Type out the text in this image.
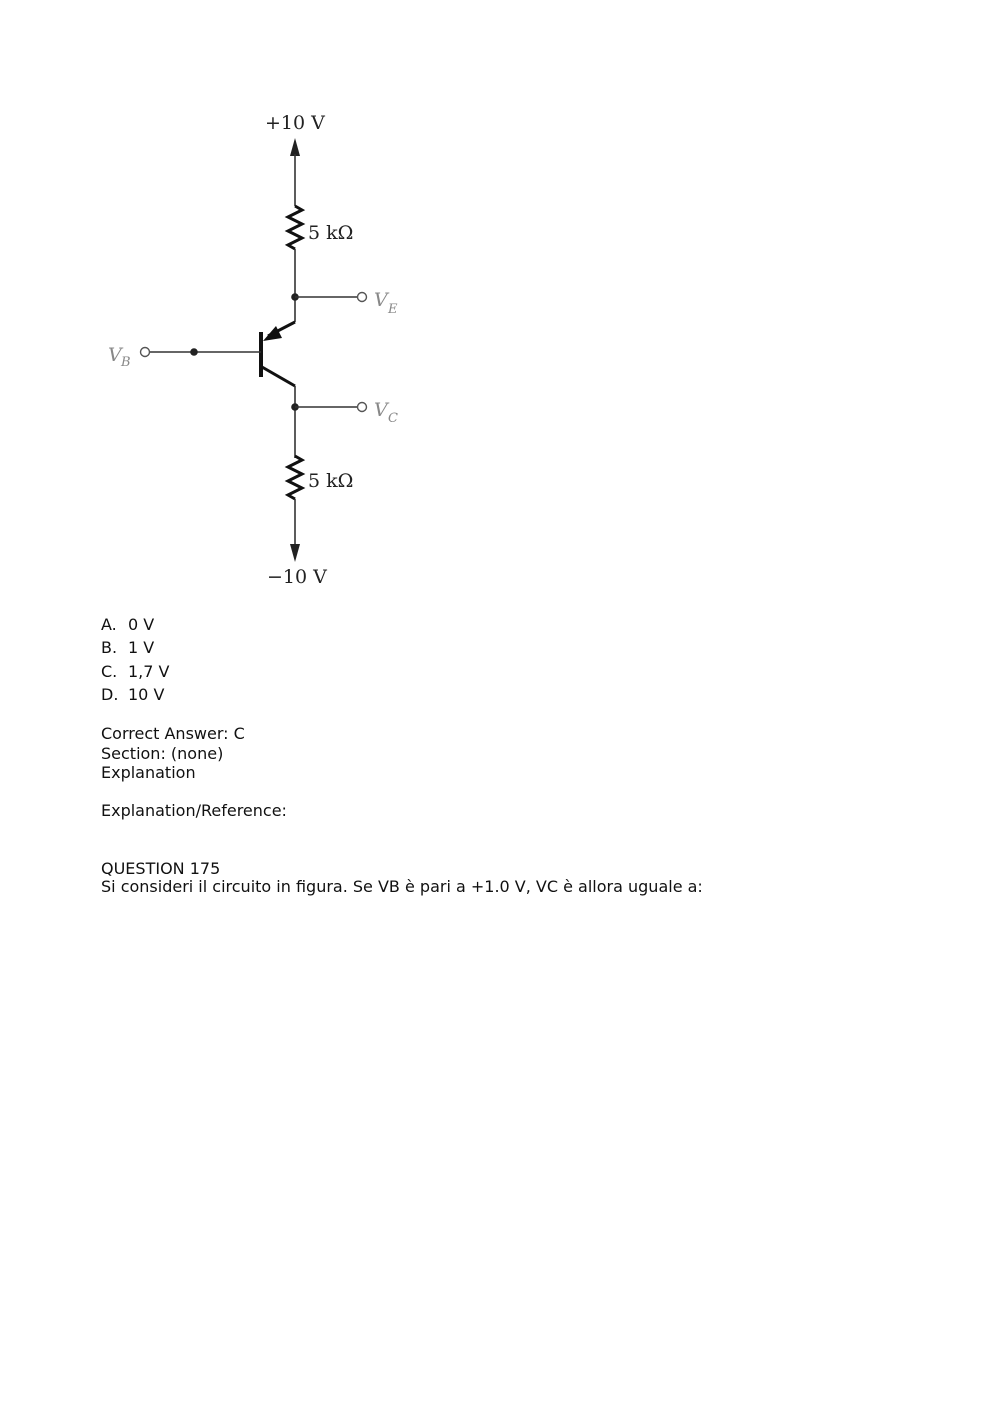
+10 V
5 kΩ
V E
V B
V C
5 kΩ
−10 V
A. 0 V
B. 1 V
C. 1,7 V
D. 10 V
Correct Answer: C
Section: (none)
Explanation
Explanation/Reference:
QUESTION 175
Si consideri il circuito in figura. Se VB è pari a +1.0 V, VC è allora uguale a:
